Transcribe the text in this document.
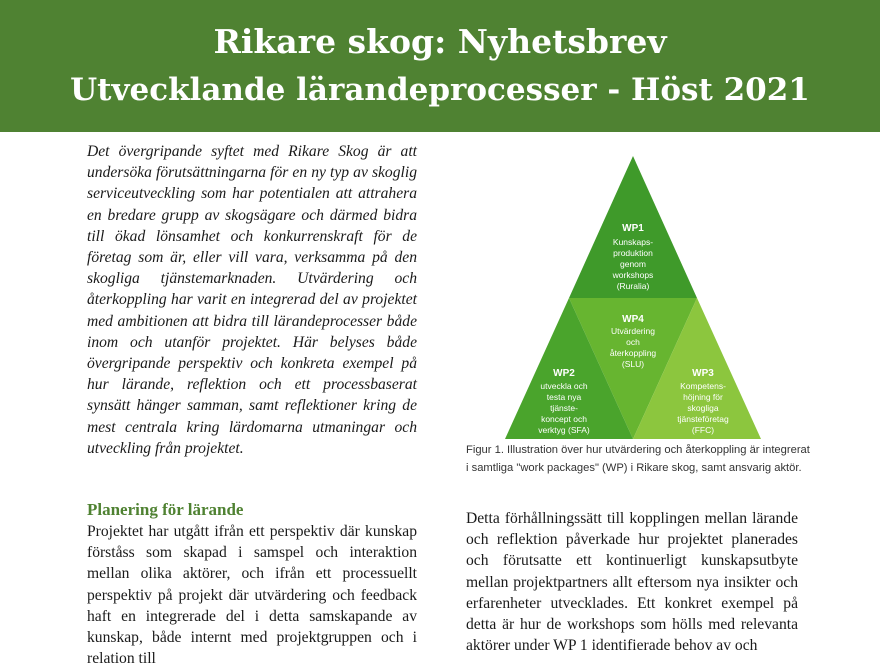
Rikare skog: Nyhetsbrev
Utvecklande lärandeprocesser - Höst 2021
Det övergripande syftet med Rikare Skog är att undersöka förutsättningarna för en ny typ av skoglig serviceutveckling som har potentialen att attrahera en bredare grupp av skogsägare och därmed bidra till ökad lönsamhet och konkurrenskraft för de företag som är, eller vill vara, verksamma på den skogliga tjänstemarknaden. Utvärdering och återkoppling har varit en integrerad del av projektet med ambitionen att bidra till lärandeprocesser både inom och utanför projektet. Här belyses både övergripande perspektiv och konkreta exempel på hur lärande, reflektion och ett processbaserat synsätt hänger samman, samt reflektioner kring de mest centrala kring lärdomarna utmaningar och utveckling från projektet.
Planering för lärande
Projektet har utgått ifrån ett perspektiv där kunskap förståss som skapad i samspel och interaktion mellan olika aktörer, och ifrån ett processuellt perspektiv på projekt där utvärdering och feedback haft en integrerade del i detta samskapande av kunskap, både internt med projektgruppen och i relation till
WP1
Kunskaps-
produktion
genom
workshops
(Ruralia)
WP4
Utvärdering
och
återkoppling
(SLU)
WP2
utveckla och
testa nya
tjänste-
koncept och
verktyg (SFA)
WP3
Kompetens-
höjning för
skogliga
tjänsteföretag
(FFC)
Figur 1. Illustration över hur utvärdering och återkoppling är integrerat i samtliga "work packages" (WP) i Rikare skog, samt ansvarig aktör.
Detta förhållningssätt till kopplingen mellan lärande och reflektion påverkade hur projektet planerades och förutsatte ett kontinuerligt kunskapsutbyte mellan projektpartners allt eftersom nya insikter och erfarenheter utvecklades. Ett konkret exempel på detta är hur de workshops som hölls med relevanta aktörer under WP 1 identifierade behov av och
